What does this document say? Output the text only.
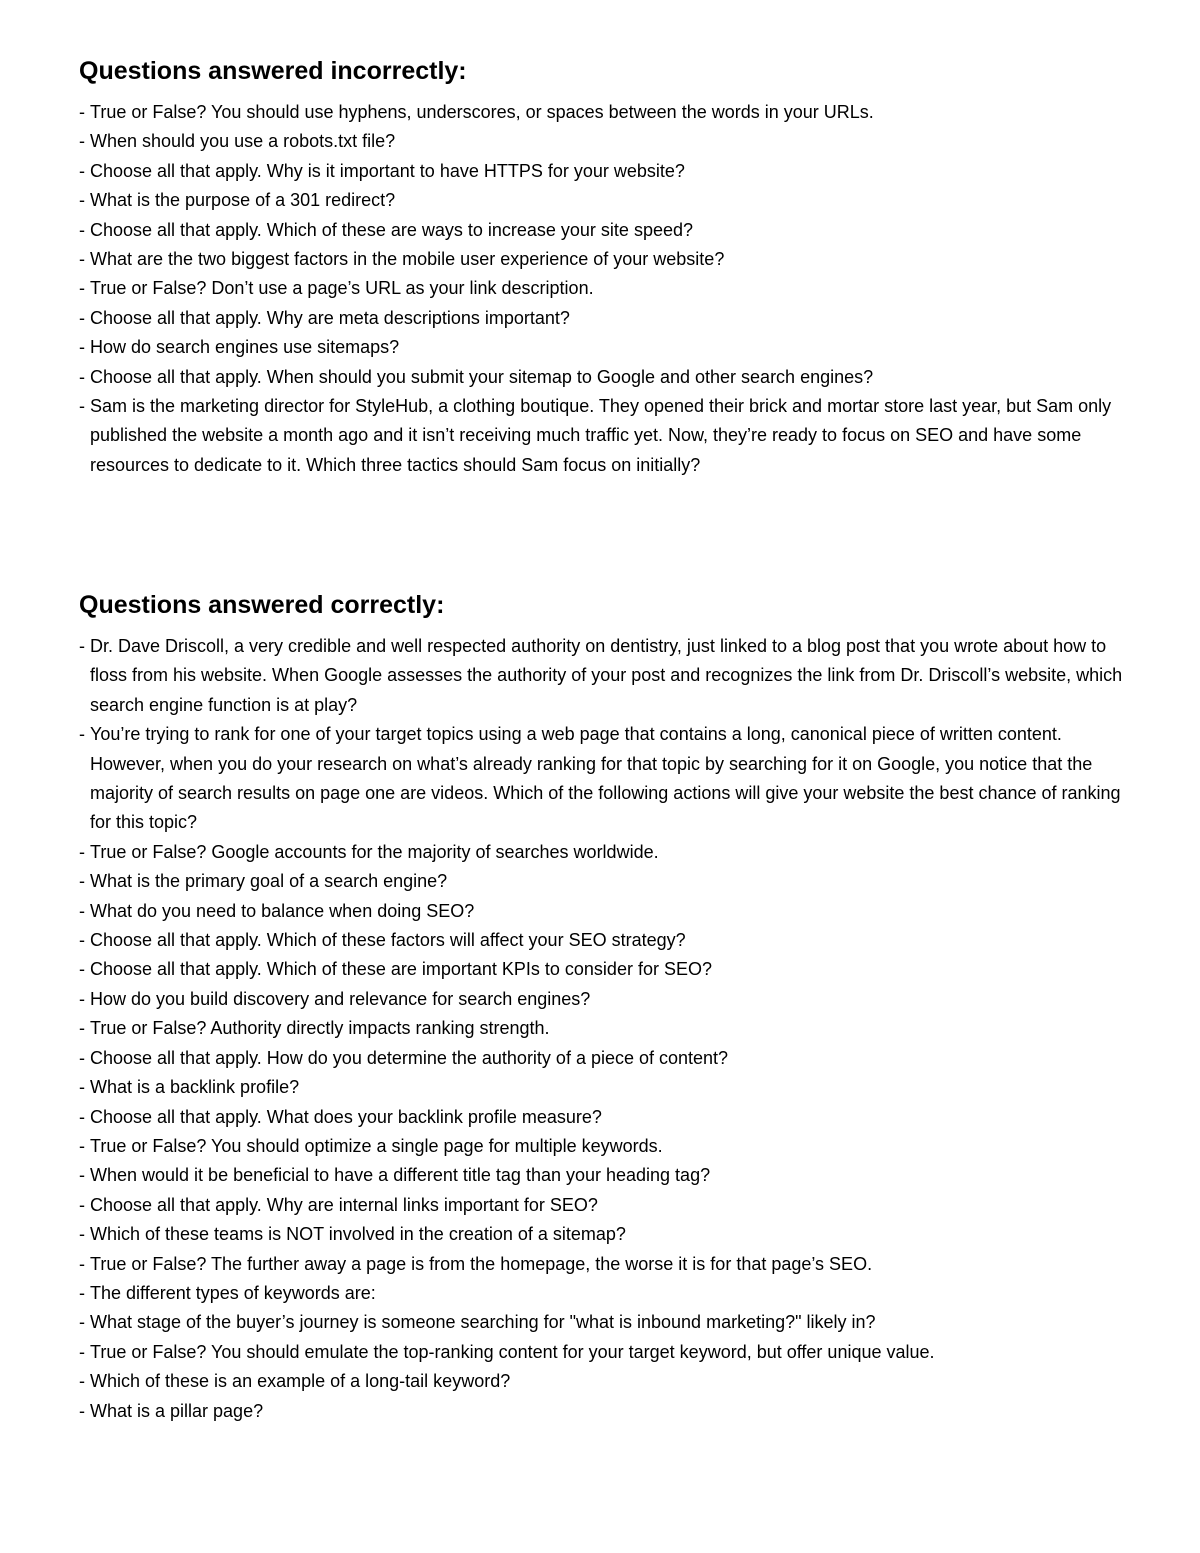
Questions answered incorrectly:
- True or False? You should use hyphens, underscores, or spaces between the words in your URLs.
- When should you use a robots.txt file?
- Choose all that apply. Why is it important to have HTTPS for your website?
- What is the purpose of a 301 redirect?
- Choose all that apply. Which of these are ways to increase your site speed?
- What are the two biggest factors in the mobile user experience of your website?
- True or False? Don’t use a page’s URL as your link description.
- Choose all that apply. Why are meta descriptions important?
- How do search engines use sitemaps?
- Choose all that apply. When should you submit your sitemap to Google and other search engines?
- Sam is the marketing director for StyleHub, a clothing boutique. They opened their brick and mortar store last year, but Sam only published the website a month ago and it isn’t receiving much traffic yet. Now, they’re ready to focus on SEO and have some resources to dedicate to it. Which three tactics should Sam focus on initially?
Questions answered correctly:
- Dr. Dave Driscoll, a very credible and well respected authority on dentistry, just linked to a blog post that you wrote about how to floss from his website. When Google assesses the authority of your post and recognizes the link from Dr. Driscoll’s website, which search engine function is at play?
- You’re trying to rank for one of your target topics using a web page that contains a long, canonical piece of written content. However, when you do your research on what’s already ranking for that topic by searching for it on Google, you notice that the majority of search results on page one are videos. Which of the following actions will give your website the best chance of ranking for this topic?
- True or False? Google accounts for the majority of searches worldwide.
- What is the primary goal of a search engine?
- What do you need to balance when doing SEO?
- Choose all that apply. Which of these factors will affect your SEO strategy?
- Choose all that apply. Which of these are important KPIs to consider for SEO?
- How do you build discovery and relevance for search engines?
- True or False? Authority directly impacts ranking strength.
- Choose all that apply. How do you determine the authority of a piece of content?
- What is a backlink profile?
- Choose all that apply. What does your backlink profile measure?
- True or False? You should optimize a single page for multiple keywords.
- When would it be beneficial to have a different title tag than your heading tag?
- Choose all that apply. Why are internal links important for SEO?
- Which of these teams is NOT involved in the creation of a sitemap?
- True or False? The further away a page is from the homepage, the worse it is for that page’s SEO.
- The different types of keywords are:
- What stage of the buyer’s journey is someone searching for "what is inbound marketing?" likely in?
- True or False? You should emulate the top-ranking content for your target keyword, but offer unique value.
- Which of these is an example of a long-tail keyword?
- What is a pillar page?
